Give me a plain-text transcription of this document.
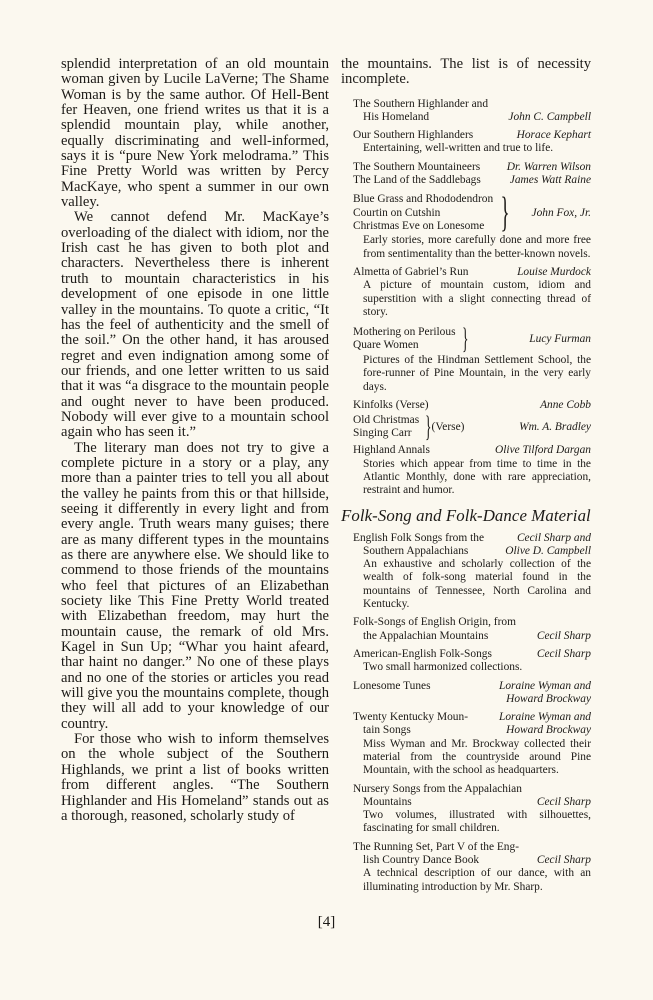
splendid interpretation of an old mountain woman given by Lucile LaVerne; The Shame Woman is by the same author. Of Hell-Bent fer Heaven, one friend writes us that it is a splendid mountain play, while another, equally discriminating and well-informed, says it is “pure New York melodrama.” This Fine Pretty World was written by Percy MacKaye, who spent a summer in our own valley.

We cannot defend Mr. MacKaye’s overloading of the dialect with idiom, nor the Irish cast he has given to both plot and characters. Nevertheless there is inherent truth to mountain characteristics in his development of one episode in one little valley in the mountains. To quote a critic, “It has the feel of authenticity and the smell of the soil.” On the other hand, it has aroused regret and even indignation among some of our friends, and one letter written to us said that it was “a disgrace to the mountain people and ought never to have been produced. Nobody will ever give to a mountain school again who has seen it.”

The literary man does not try to give a complete picture in a story or a play, any more than a painter tries to tell you all about the valley he paints from this or that hillside, seeing it differently in every light and from every angle. Truth wears many guises; there are as many different types in the mountains as there are anywhere else. We should like to commend to those friends of the mountains who feel that pictures of an Elizabethan society like This Fine Pretty World treated with Elizabethan freedom, may hurt the mountain cause, the remark of old Mrs. Kagel in Sun Up; “Whar you haint afeard, thar haint no danger.” No one of these plays and no one of the stories or articles you read will give you the mountains complete, though they will all add to your knowledge of our country.

For those who wish to inform themselves on the whole subject of the Southern Highlands, we print a list of books written from different angles. “The Southern Highlander and His Homeland” stands out as a thorough, reasoned, scholarly study of

the mountains. The list is of necessity incomplete.

The Southern Highlander and
His Homeland	John C. Campbell
Our Southern Highlanders	Horace Kephart
Entertaining, well-written and true to life.
The Southern Mountaineers Dr. Warren Wilson
The Land of the Saddlebags	James Watt Raine
Blue Grass and Rhododendron
Courtin on Cutshin
Christmas Eve on Lonesome } John Fox, Jr.
Early stories, more carefully done and more free from sentimentality than the better-known novels.
Almetta of Gabriel’s Run	Louise Murdock
A picture of mountain custom, idiom and superstition with a slight connecting thread of story.
Mothering on Perilous
Quare Women	}	Lucy Furman
Pictures of the Hindman Settlement School, the fore-runner of Pine Mountain, in the very early days.
Kinfolks (Verse)	Anne Cobb
Old Christmas
Singing Carr } (Verse)	Wm. A. Bradley
Highland Annals	Olive Tilford Dargan
Stories which appear from time to time in the Atlantic Monthly, done with rare appreciation, restraint and humor.
Folk-Song and Folk-Dance Material
English Folk Songs from the	Cecil Sharp and
Southern Appalachians	Olive D. Campbell
An exhaustive and scholarly collection of the wealth of folk-song material found in the mountains of Tennessee, North Carolina and Kentucky.
Folk-Songs of English Origin, from
the Appalachian Mountains	Cecil Sharp
American-English Folk-Songs	Cecil Sharp
Two small harmonized collections.
Lonesome Tunes	Loraine Wyman and
Howard Brockway
Twenty Kentucky Moun-	Loraine Wyman and
tain Songs	Howard Brockway
Miss Wyman and Mr. Brockway collected their material from the countryside around Pine Mountain, with the school as headquarters.
Nursery Songs from the Appalachian
Mountains	Cecil Sharp
Two volumes, illustrated with silhouettes, fascinating for small children.
The Running Set, Part V of the Eng-
lish Country Dance Book	Cecil Sharp
A technical description of our dance, with an illuminating introduction by Mr. Sharp.
[4]
